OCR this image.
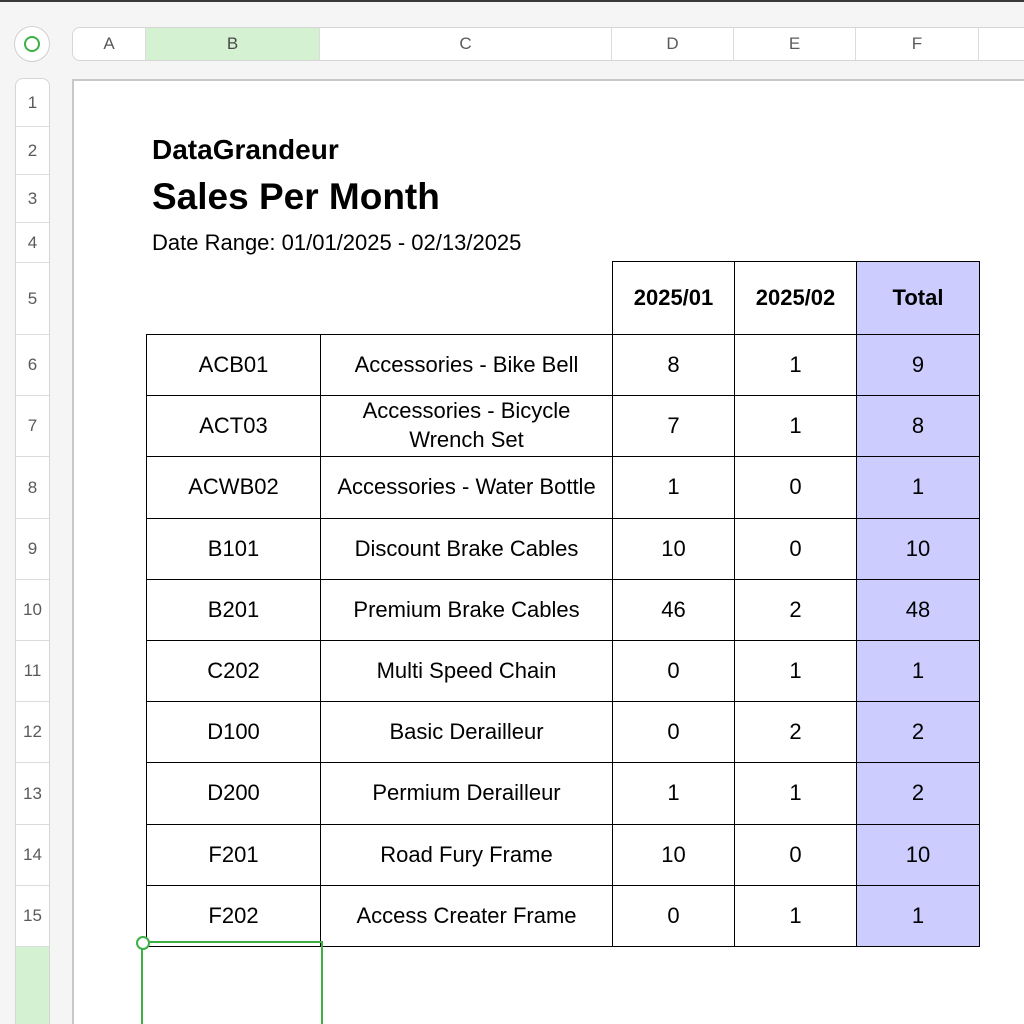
A	B	C	D	E	F
1
2
3
4
5
6
7
8
9
10
11
12
13
14
15
DataGrandeur
Sales Per Month
Date Range: 01/01/2025 - 02/13/2025
		2025/01	2025/02	Total
ACB01	Accessories - Bike Bell	8	1	9
ACT03	Accessories - Bicycle Wrench Set	7	1	8
ACWB02	Accessories - Water Bottle	1	0	1
B101	Discount Brake Cables	10	0	10
B201	Premium Brake Cables	46	2	48
C202	Multi Speed Chain	0	1	1
D100	Basic Derailleur	0	2	2
D200	Permium Derailleur	1	1	2
F201	Road Fury Frame	10	0	10
F202	Access Creater Frame	0	1	1
